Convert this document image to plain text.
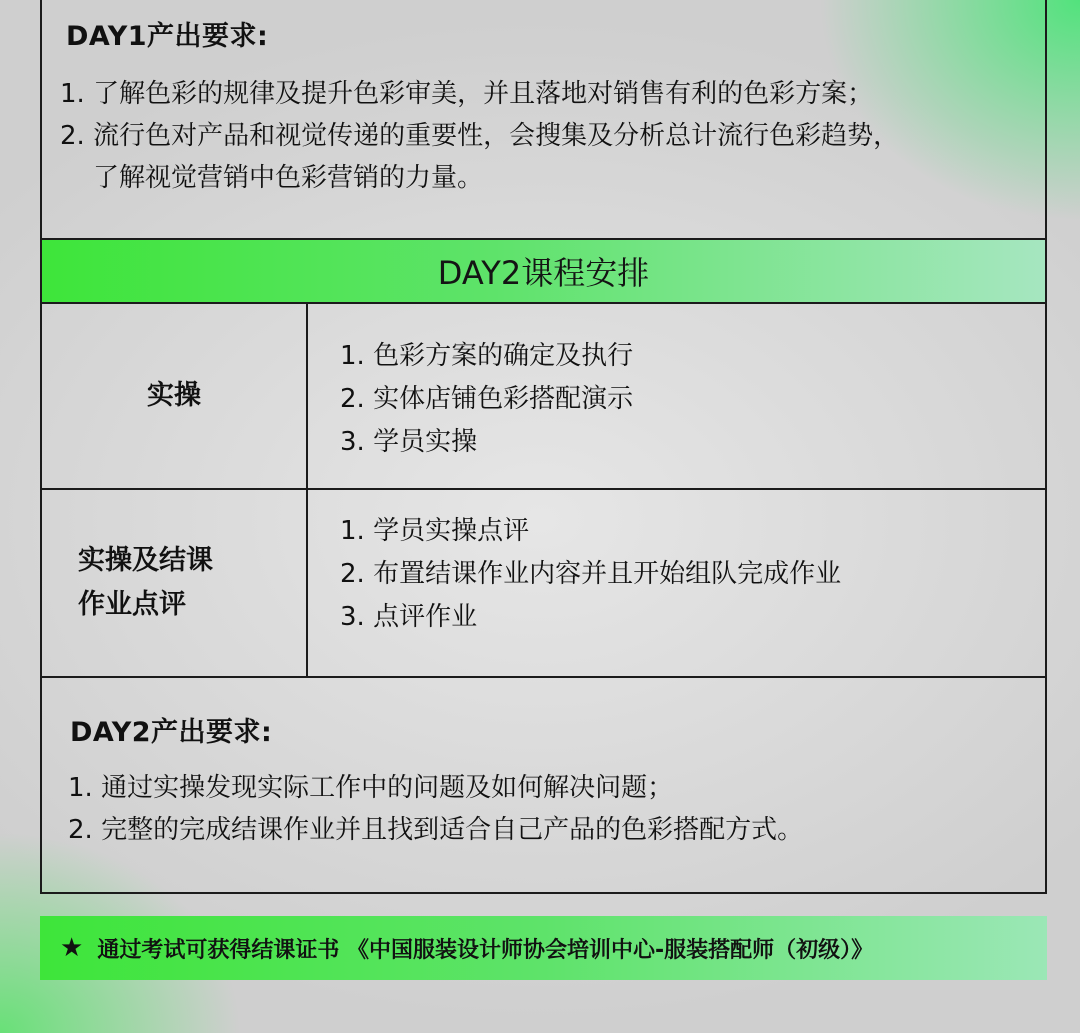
DAY1产出要求:
1. 了解色彩的规律及提升色彩审美，并且落地对销售有利的色彩方案；
2. 流行色对产品和视觉传递的重要性，会搜集及分析总计流行色彩趋势，
了解视觉营销中色彩营销的力量。
DAY2课程安排
实操
1. 色彩方案的确定及执行
2. 实体店铺色彩搭配演示
3. 学员实操
实操及结课
作业点评
1. 学员实操点评
2. 布置结课作业内容并且开始组队完成作业
3. 点评作业
DAY2产出要求:
1. 通过实操发现实际工作中的问题及如何解决问题；
2. 完整的完成结课作业并且找到适合自己产品的色彩搭配方式。
★ 通过考试可获得结课证书 《中国服装设计师协会培训中心-服装搭配师（初级）》
